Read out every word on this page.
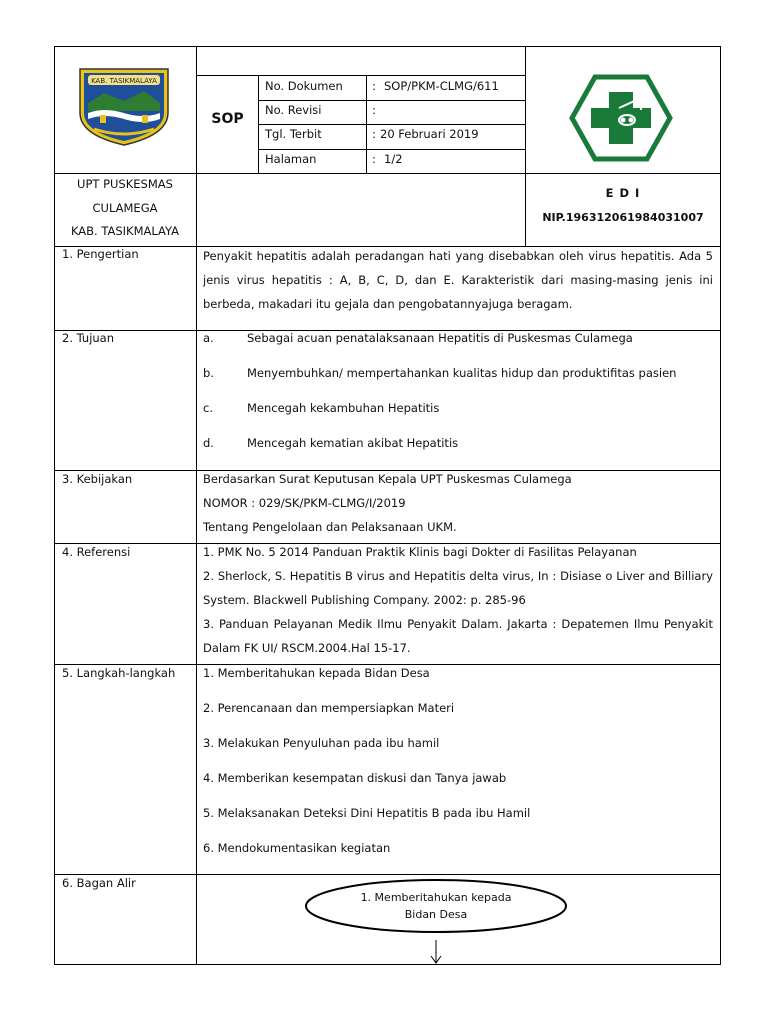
KAB. TASIKMALAYA
SOP
No. Dokumen	: SOP/PKM-CLMG/611
No. Revisi	:
Tgl. Terbit	: 20 Februari 2019
Halaman	: 1/2
UPT PUSKESMAS
CULAMEGA
KAB. TASIKMALAYA
E D I
NIP.196312061984031007
1. Pengertian	Penyakit hepatitis adalah peradangan hati yang disebabkan oleh virus hepatitis. Ada 5 jenis virus hepatitis : A, B, C, D, dan E. Karakteristik dari masing-masing jenis ini berbeda, makadari itu gejala dan pengobatannyajuga beragam.
2. Tujuan	a.	Sebagai acuan penatalaksanaan Hepatitis di Puskesmas Culamega
b.	Menyembuhkan/ mempertahankan kualitas hidup dan produktifitas pasien
c.	Mencegah kekambuhan Hepatitis
d.	Mencegah kematian akibat Hepatitis
3. Kebijakan	Berdasarkan Surat Keputusan Kepala UPT Puskesmas Culamega
NOMOR : 029/SK/PKM-CLMG/I/2019
Tentang Pengelolaan dan Pelaksanaan UKM.
4. Referensi	1. PMK No. 5 2014 Panduan Praktik Klinis bagi Dokter di Fasilitas Pelayanan
2. Sherlock, S. Hepatitis B virus and Hepatitis delta virus, In : Disiase o Liver and Billiary System. Blackwell Publishing Company. 2002: p. 285-96
3. Panduan Pelayanan Medik Ilmu Penyakit Dalam. Jakarta : Depatemen Ilmu Penyakit Dalam FK UI/ RSCM.2004.Hal 15-17.
5. Langkah-langkah 1. Memberitahukan kepada Bidan Desa
2. Perencanaan dan mempersiapkan Materi
3. Melakukan Penyuluhan pada ibu hamil
4. Memberikan kesempatan diskusi dan Tanya jawab
5. Melaksanakan Deteksi Dini Hepatitis B pada ibu Hamil
6. Mendokumentasikan kegiatan
6. Bagan Alir
1. Memberitahukan kepada
Bidan Desa
